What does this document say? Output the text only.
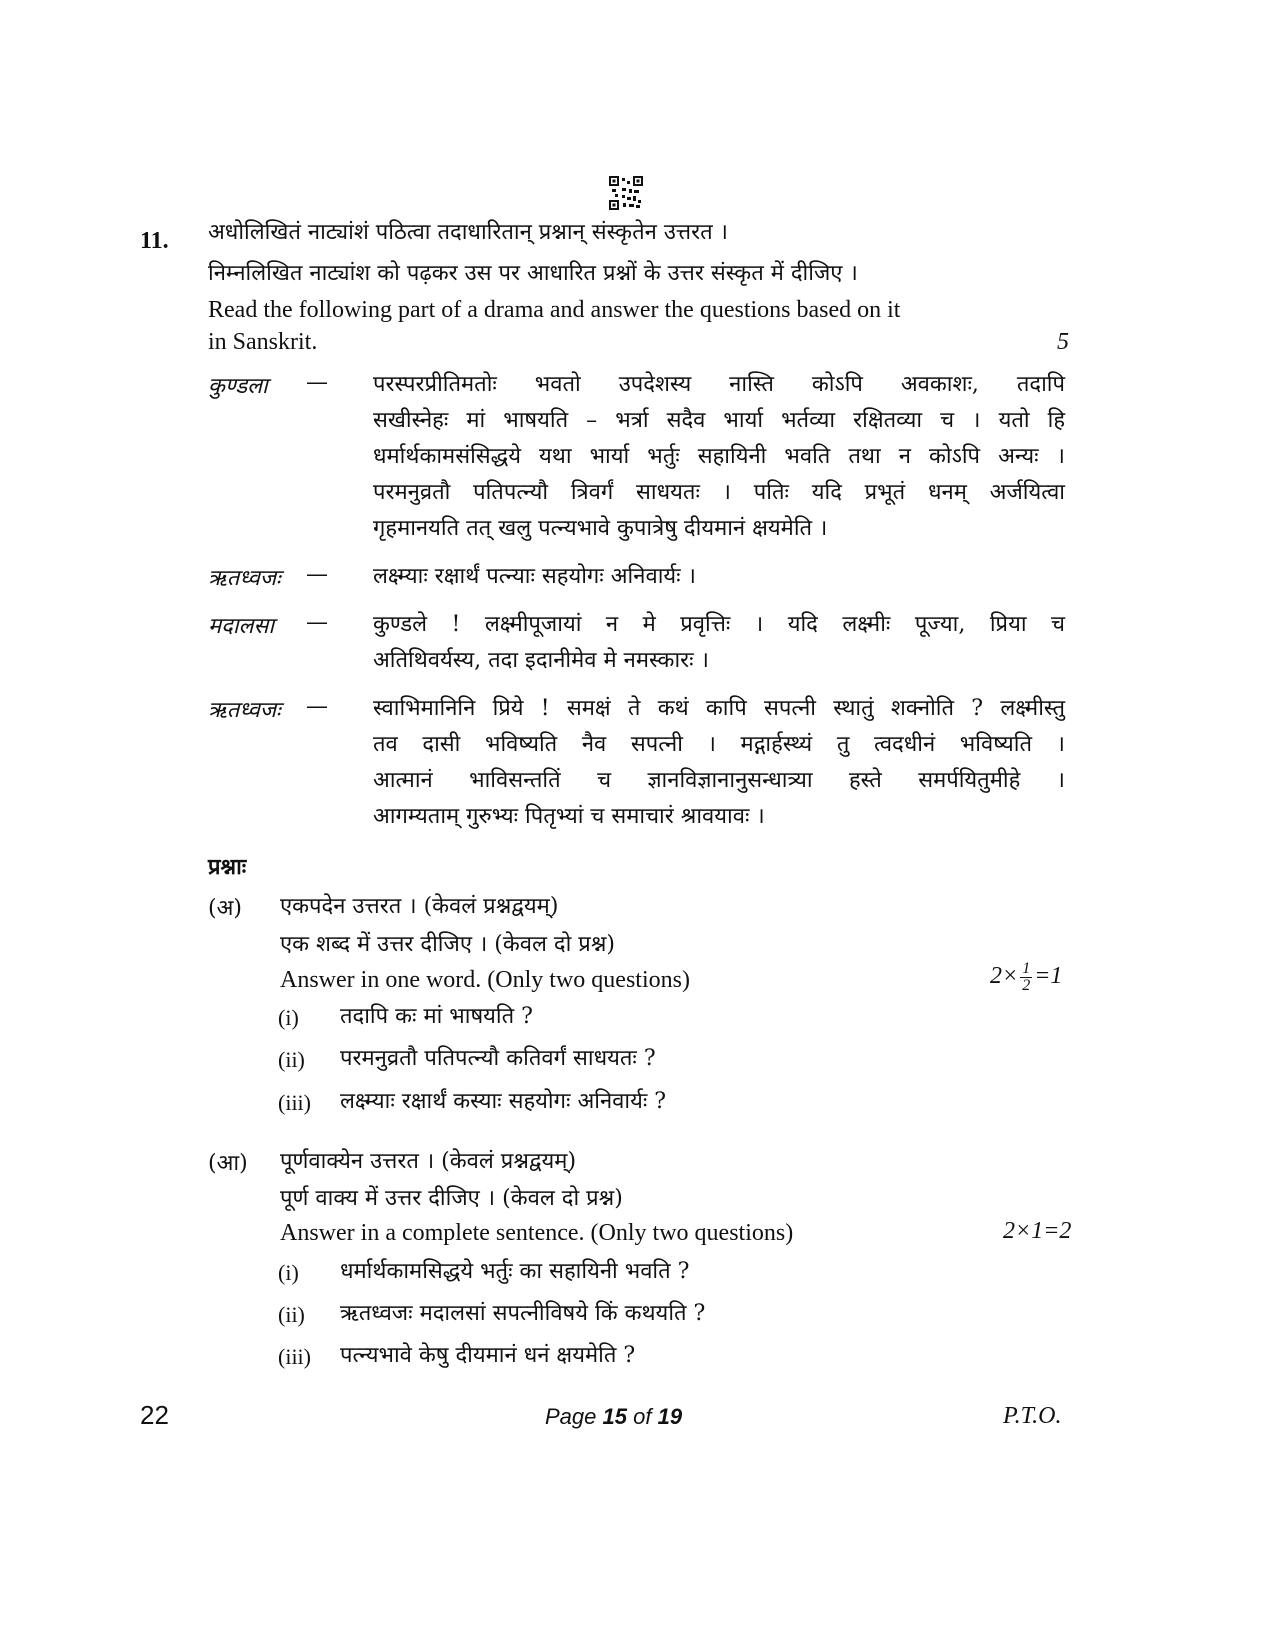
11. अधोलिखितं नाट्यांशं पठित्वा तदाधारितान् प्रश्नान् संस्कृतेन उत्तरत ।
निम्नलिखित नाट्यांश को पढ़कर उस पर आधारित प्रश्नों के उत्तर संस्कृत में दीजिए ।
Read the following part of a drama and answer the questions based on it
in Sanskrit.	5
कुण्डला — परस्परप्रीतिमतोः भवतो उपदेशस्य नास्ति कोऽपि अवकाशः, तदापि
सखीस्नेहः मां भाषयति – भर्त्रा सदैव भार्या भर्तव्या रक्षितव्या च । यतो हि
धर्मार्थकामसंसिद्धये यथा भार्या भर्तुः सहायिनी भवति तथा न कोऽपि अन्यः ।
परमनुव्रतौ पतिपत्न्यौ त्रिवर्गं साधयतः । पतिः यदि प्रभूतं धनम् अर्जयित्वा
गृहमानयति तत् खलु पत्न्यभावे कुपात्रेषु दीयमानं क्षयमेति ।
ऋतध्वजः — लक्ष्म्याः रक्षार्थं पत्न्याः सहयोगः अनिवार्यः ।
मदालसा — कुण्डले ! लक्ष्मीपूजायां न मे प्रवृत्तिः । यदि लक्ष्मीः पूज्या, प्रिया च
अतिथिवर्यस्य, तदा इदानीमेव मे नमस्कारः ।
ऋतध्वजः — स्वाभिमानिनि प्रिये ! समक्षं ते कथं कापि सपत्नी स्थातुं शक्नोति ? लक्ष्मीस्तु
तव दासी भविष्यति नैव सपत्नी । मद्गार्हस्थ्यं तु त्वदधीनं भविष्यति ।
आत्मानं भाविसन्ततिं च ज्ञानविज्ञानानुसन्धात्र्या हस्ते समर्पयितुमीहे ।
आगम्यताम् गुरुभ्यः पितृभ्यां च समाचारं श्रावयावः ।
प्रश्नाः
(अ) एकपदेन उत्तरत । (केवलं प्रश्नद्वयम्)
एक शब्द में उत्तर दीजिए । (केवल दो प्रश्न)
Answer in one word. (Only two questions)	$2\times \frac{1}{2} =1$
(i) तदापि कः मां भाषयति ?
(ii) परमनुव्रतौ पतिपत्न्यौ कतिवर्गं साधयतः ?
(iii) लक्ष्म्याः रक्षार्थं कस्याः सहयोगः अनिवार्यः ?
(आ) पूर्णवाक्येन उत्तरत । (केवलं प्रश्नद्वयम्)
पूर्ण वाक्य में उत्तर दीजिए । (केवल दो प्रश्न)
Answer in a complete sentence. (Only two questions)	2×1=2
(i) धर्मार्थकामसिद्धये भर्तुः का सहायिनी भवति ?
(ii) ऋतध्वजः मदालसां सपत्नीविषये किं कथयति ?
(iii) पत्न्यभावे केषु दीयमानं धनं क्षयमेति ?
22	Page 15 of 19	P.T.O.
